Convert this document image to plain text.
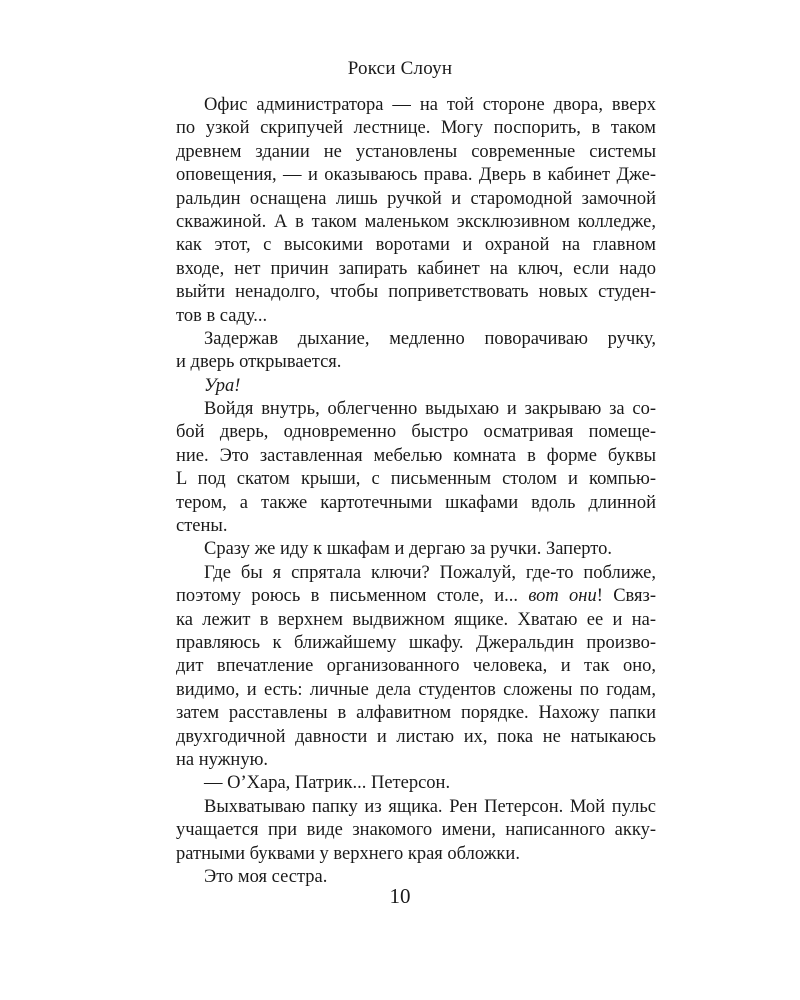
Рокси Слоун
Офис администратора — на той стороне двора, вверх
по узкой скрипучей лестнице. Могу поспорить, в таком
древнем здании не установлены современные системы
оповещения, — и оказываюсь права. Дверь в кабинет Дже-
ральдин оснащена лишь ручкой и старомодной замочной
скважиной. А в таком маленьком эксклюзивном колледже,
как этот, с высокими воротами и охраной на главном
входе, нет причин запирать кабинет на ключ, если надо
выйти ненадолго, чтобы поприветствовать новых студен-
тов в саду...
Задержав дыхание, медленно поворачиваю ручку,
и дверь открывается.
Ура!
Войдя внутрь, облегченно выдыхаю и закрываю за со-
бой дверь, одновременно быстро осматривая помеще-
ние. Это заставленная мебелью комната в форме буквы
L под скатом крыши, с письменным столом и компью-
тером, а также картотечными шкафами вдоль длинной
стены.
Сразу же иду к шкафам и дергаю за ручки. Заперто.
Где бы я спрятала ключи? Пожалуй, где-то поближе,
поэтому роюсь в письменном столе, и... вот они! Связ-
ка лежит в верхнем выдвижном ящике. Хватаю ее и на-
правляюсь к ближайшему шкафу. Джеральдин произво-
дит впечатление организованного человека, и так оно,
видимо, и есть: личные дела студентов сложены по годам,
затем расставлены в алфавитном порядке. Нахожу папки
двухгодичной давности и листаю их, пока не натыкаюсь
на нужную.
— О’Хара, Патрик... Петерсон.
Выхватываю папку из ящика. Рен Петерсон. Мой пульс
учащается при виде знакомого имени, написанного акку-
ратными буквами у верхнего края обложки.
Это моя сестра.
10
